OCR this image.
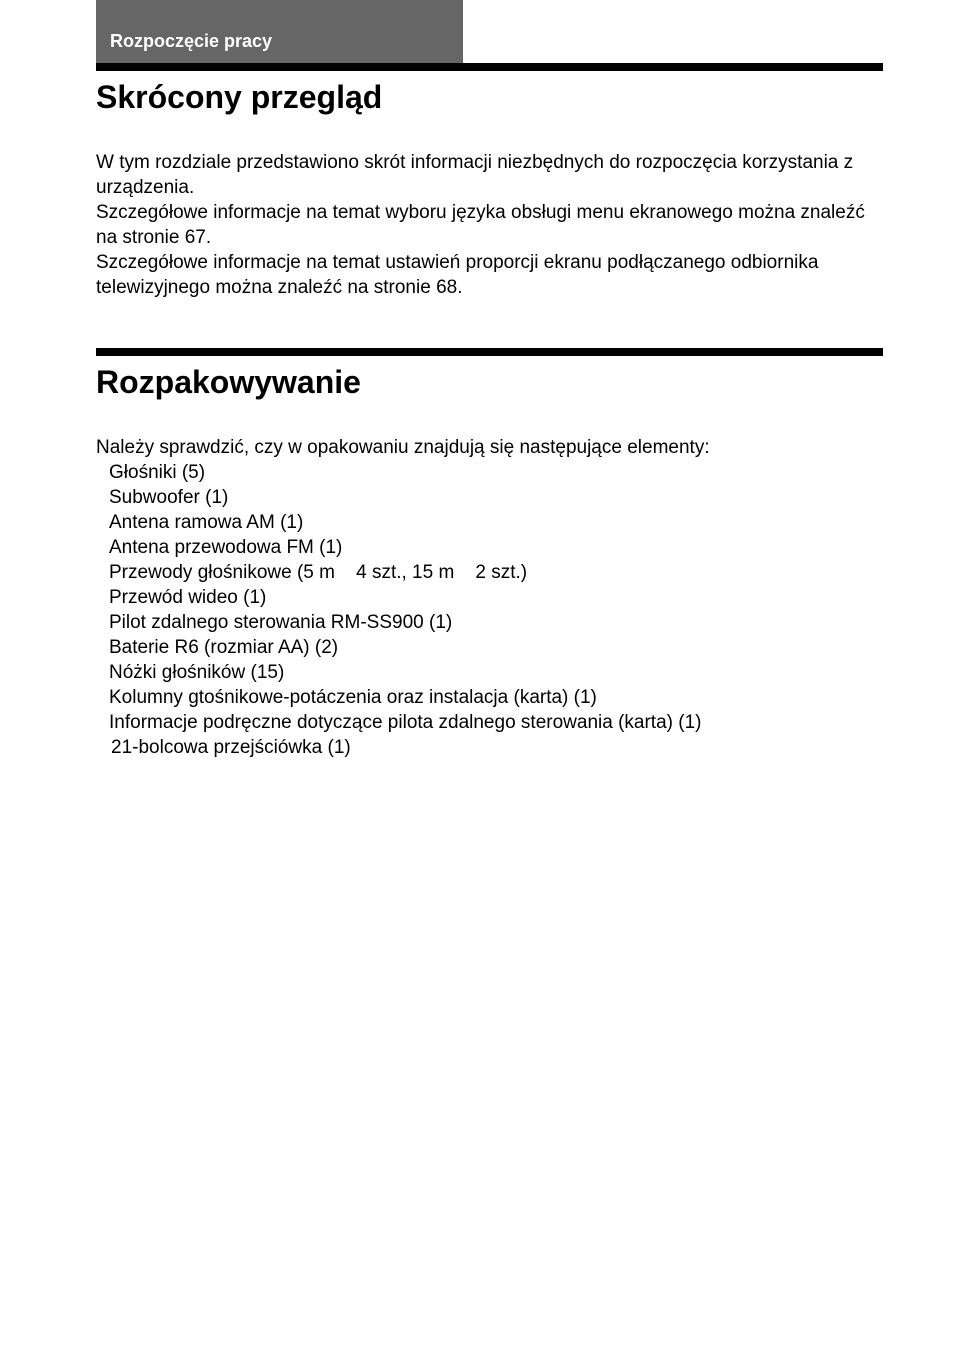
Rozpoczęcie pracy
Skrócony przegląd

W tym rozdziale przedstawiono skrót informacji niezbędnych do rozpoczęcia korzystania z urządzenia.

Szczegółowe informacje na temat wyboru języka obsługi menu ekranowego można znaleźć na stronie 67.

Szczegółowe informacje na temat ustawień proporcji ekranu podłączanego odbiornika telewizyjnego można znaleźć na stronie 68.

Rozpakowywanie

Należy sprawdzić, czy w opakowaniu znajdują się następujące elementy:

Głośniki (5)
Subwoofer (1)
Antena ramowa AM (1)
Antena przewodowa FM (1)
Przewody głośnikowe (5 m    4 szt., 15 m    2 szt.)
Przewód wideo (1)
Pilot zdalnego sterowania RM-SS900 (1)
Baterie R6 (rozmiar AA) (2)
Nóżki głośników (15)
Kolumny gtośnikowe-potáczenia oraz instalacja (karta) (1)
Informacje podręczne dotyczące pilota zdalnego sterowania (karta) (1)
21-bolcowa przejściówka (1)
